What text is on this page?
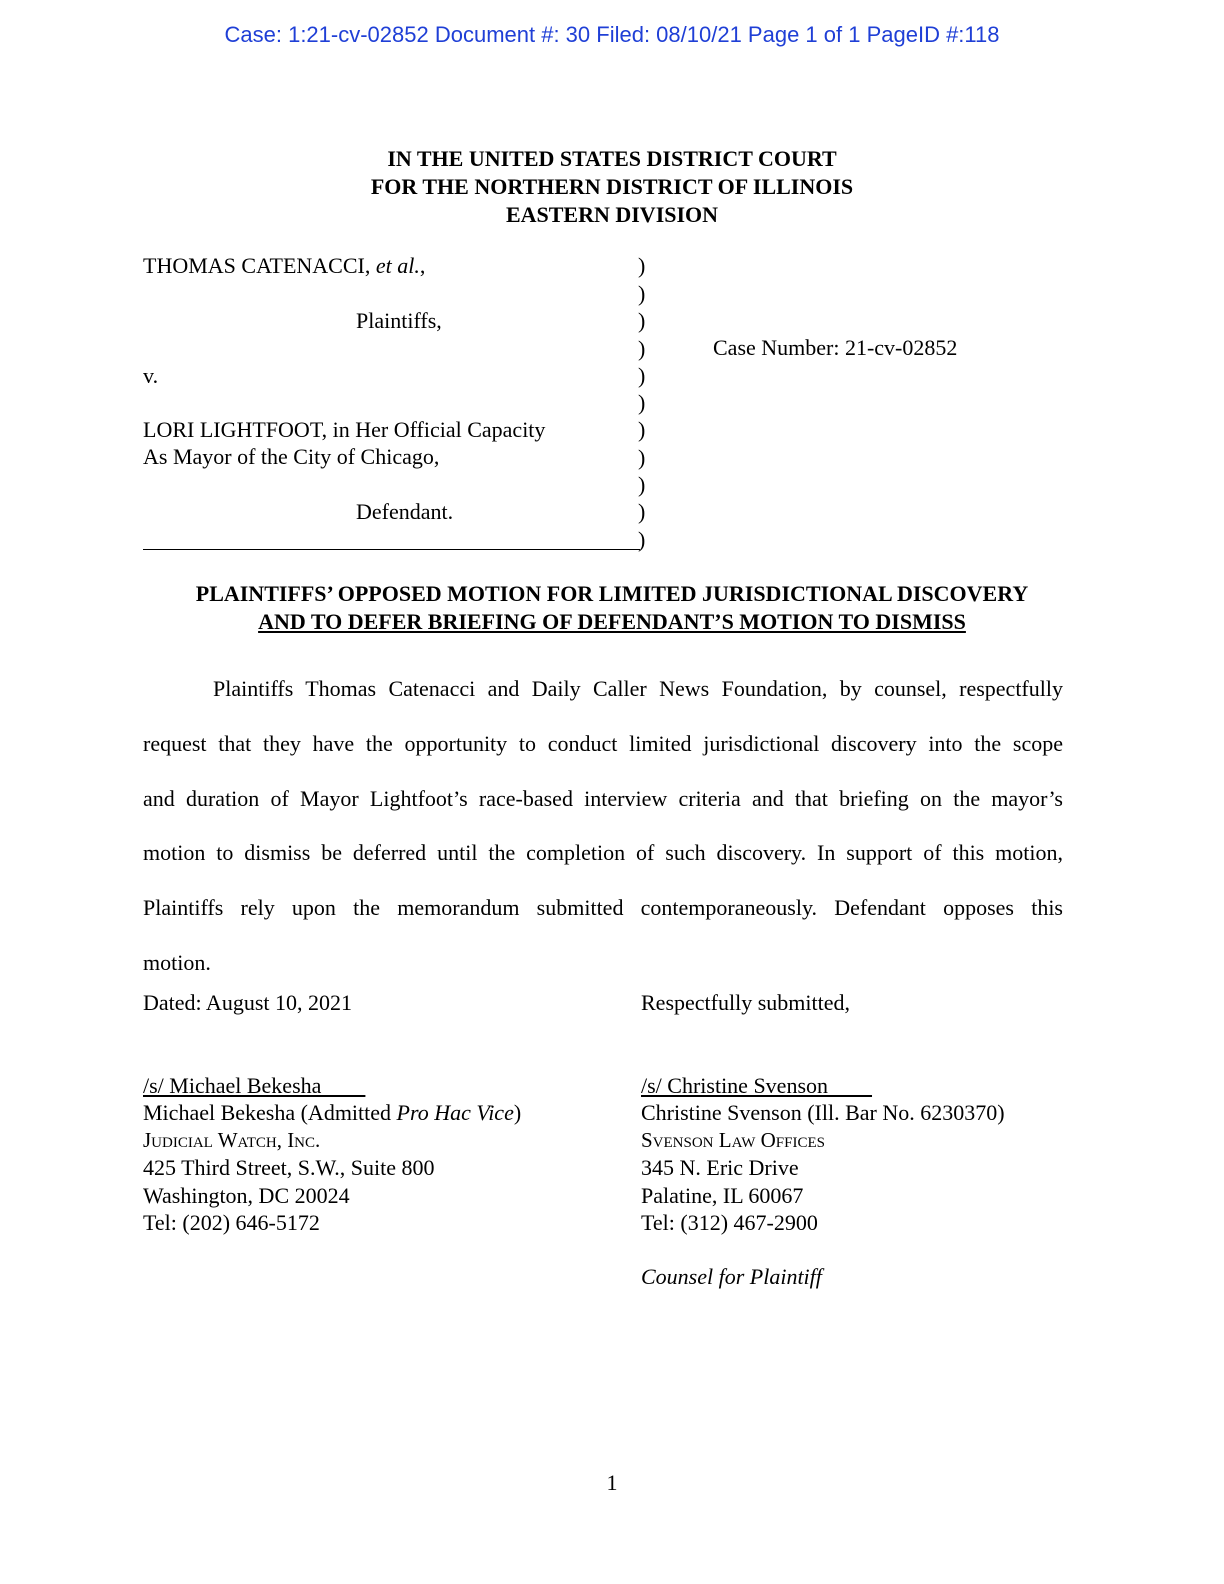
Case: 1:21-cv-02852 Document #: 30 Filed: 08/10/21 Page 1 of 1 PageID #:118
IN THE UNITED STATES DISTRICT COURT
FOR THE NORTHERN DISTRICT OF ILLINOIS
EASTERN DIVISION
THOMAS CATENACCI, et al.,
Plaintiffs,
v.
LORI LIGHTFOOT, in Her Official Capacity
As Mayor of the City of Chicago,
Defendant.
)
)
)
)
)
)
)
)
)
)
)
Case Number: 21-cv-02852
PLAINTIFFS’ OPPOSED MOTION FOR LIMITED JURISDICTIONAL DISCOVERY
AND TO DEFER BRIEFING OF DEFENDANT’S MOTION TO DISMISS
Plaintiffs Thomas Catenacci and Daily Caller News Foundation, by counsel, respectfully
request that they have the opportunity to conduct limited jurisdictional discovery into the scope
and duration of Mayor Lightfoot’s race-based interview criteria and that briefing on the mayor’s
motion to dismiss be deferred until the completion of such discovery. In support of this motion,
Plaintiffs rely upon the memorandum submitted contemporaneously. Defendant opposes this
motion.
Dated: August 10, 2021	Respectfully submitted,
/s/ Michael Bekesha
Michael Bekesha (Admitted Pro Hac Vice)
Judicial Watch, Inc.
425 Third Street, S.W., Suite 800
Washington, DC 20024
Tel: (202) 646-5172
/s/ Christine Svenson
Christine Svenson (Ill. Bar No. 6230370)
Svenson Law Offices
345 N. Eric Drive
Palatine, IL 60067
Tel: (312) 467-2900
Counsel for Plaintiff
1
